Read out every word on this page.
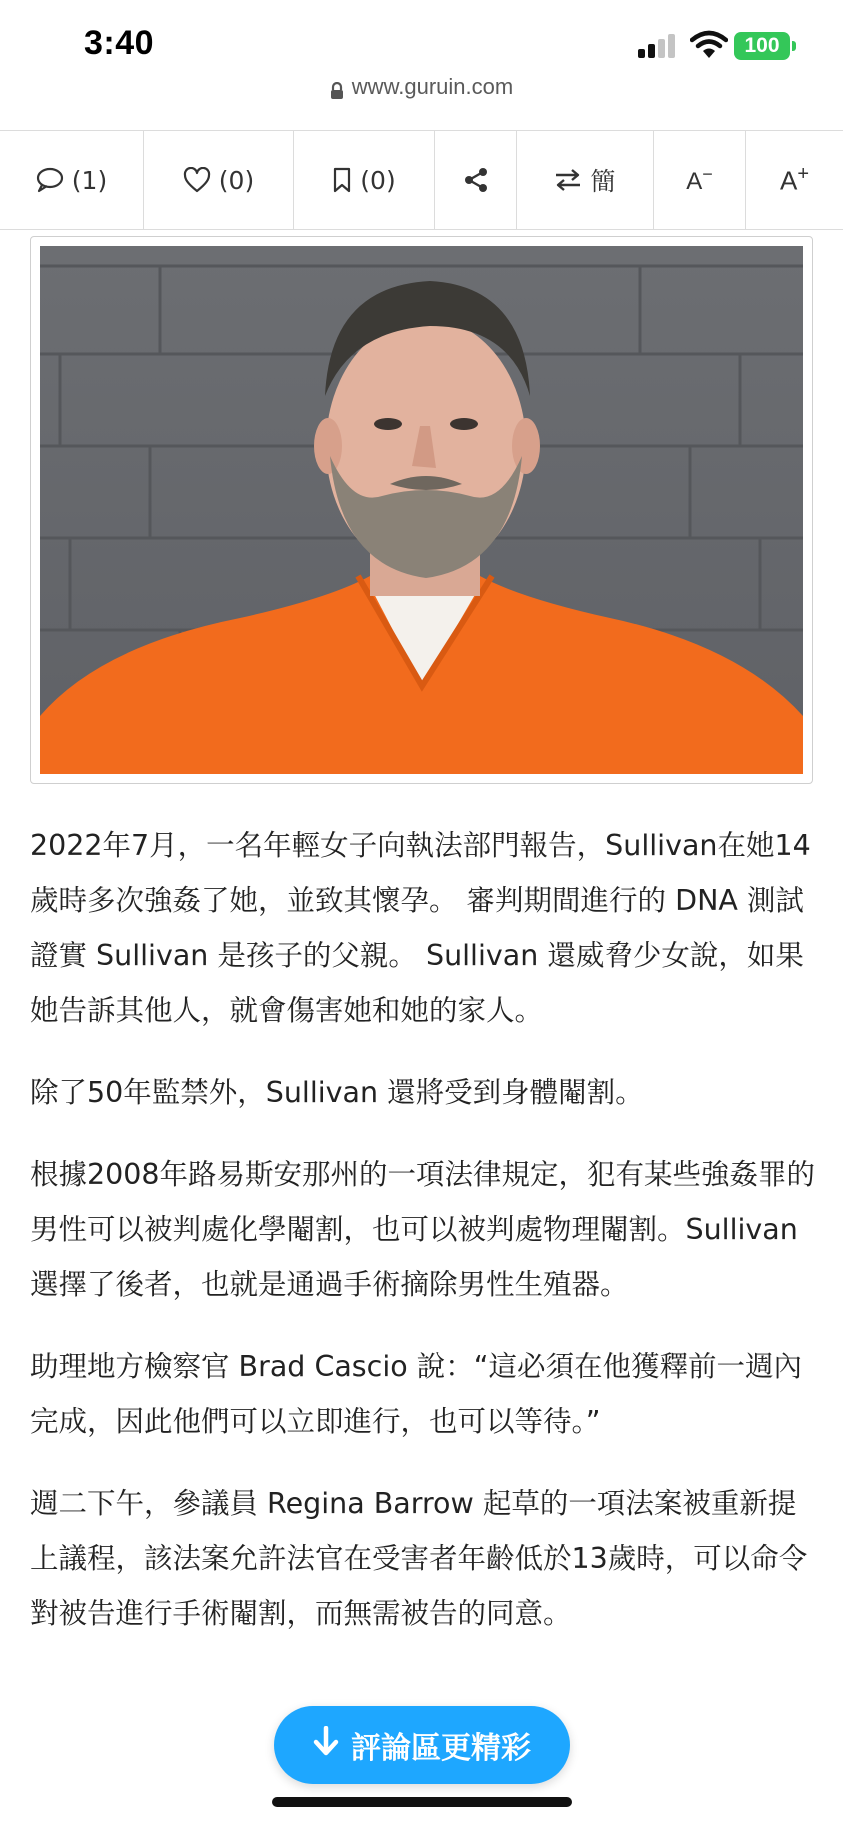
3:40	100
www.guruin.com
(1)	(0)	(0)	簡	A−	A+

2022年7月，一名年輕女子向執法部門報告，Sullivan在她14歲時多次強姦了她，並致其懷孕。 審判期間進行的 DNA 測試證實 Sullivan 是孩子的父親。 Sullivan 還威脅少女說，如果她告訴其他人，就會傷害她和她的家人。

除了50年監禁外，Sullivan 還將受到身體閹割。

根據2008年路易斯安那州的一項法律規定，犯有某些強姦罪的男性可以被判處化學閹割，也可以被判處物理閹割。Sullivan 選擇了後者，也就是通過手術摘除男性生殖器。

助理地方檢察官 Brad Cascio 說：“這必須在他獲釋前一週內完成，因此他們可以立即進行，也可以等待。”

週二下午，參議員 Regina Barrow 起草的一項法案被重新提上議程，該法案允許法官在受害者年齡低於13歲時，可以命令對被告進行手術閹割，而無需被告的同意。

評論區更精彩
